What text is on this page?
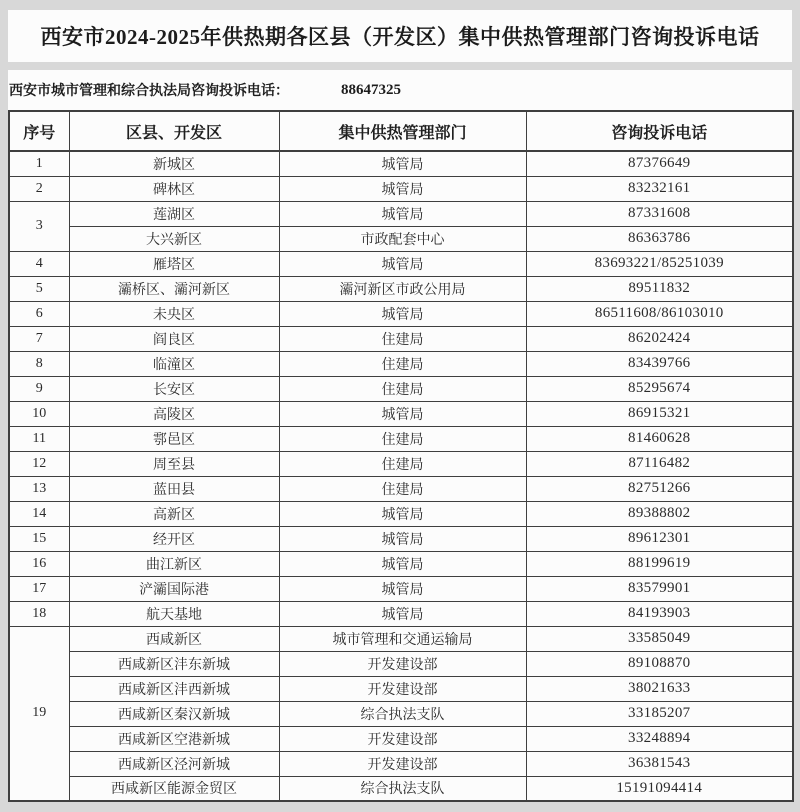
西安市2024-2025年供热期各区县（开发区）集中供热管理部门咨询投诉电话
西安市城市管理和综合执法局咨询投诉电话：	88647325
序号	区县、开发区	集中供热管理部门	咨询投诉电话
1	新城区	城管局	87376649
2	碑林区	城管局	83232161
3	莲湖区	城管局	87331608
	大兴新区	市政配套中心	86363786
4	雁塔区	城管局	83693221/85251039
5	灞桥区、灞河新区	灞河新区市政公用局	89511832
6	未央区	城管局	86511608/86103010
7	阎良区	住建局	86202424
8	临潼区	住建局	83439766
9	长安区	住建局	85295674
10	高陵区	城管局	86915321
11	鄠邑区	住建局	81460628
12	周至县	住建局	87116482
13	蓝田县	住建局	82751266
14	高新区	城管局	89388802
15	经开区	城管局	89612301
16	曲江新区	城管局	88199619
17	浐灞国际港	城管局	83579901
18	航天基地	城管局	84193903
19	西咸新区	城市管理和交通运输局	33585049
	西咸新区沣东新城	开发建设部	89108870
	西咸新区沣西新城	开发建设部	38021633
	西咸新区秦汉新城	综合执法支队	33185207
	西咸新区空港新城	开发建设部	33248894
	西咸新区泾河新城	开发建设部	36381543
	西咸新区能源金贸区	综合执法支队	15191094414
